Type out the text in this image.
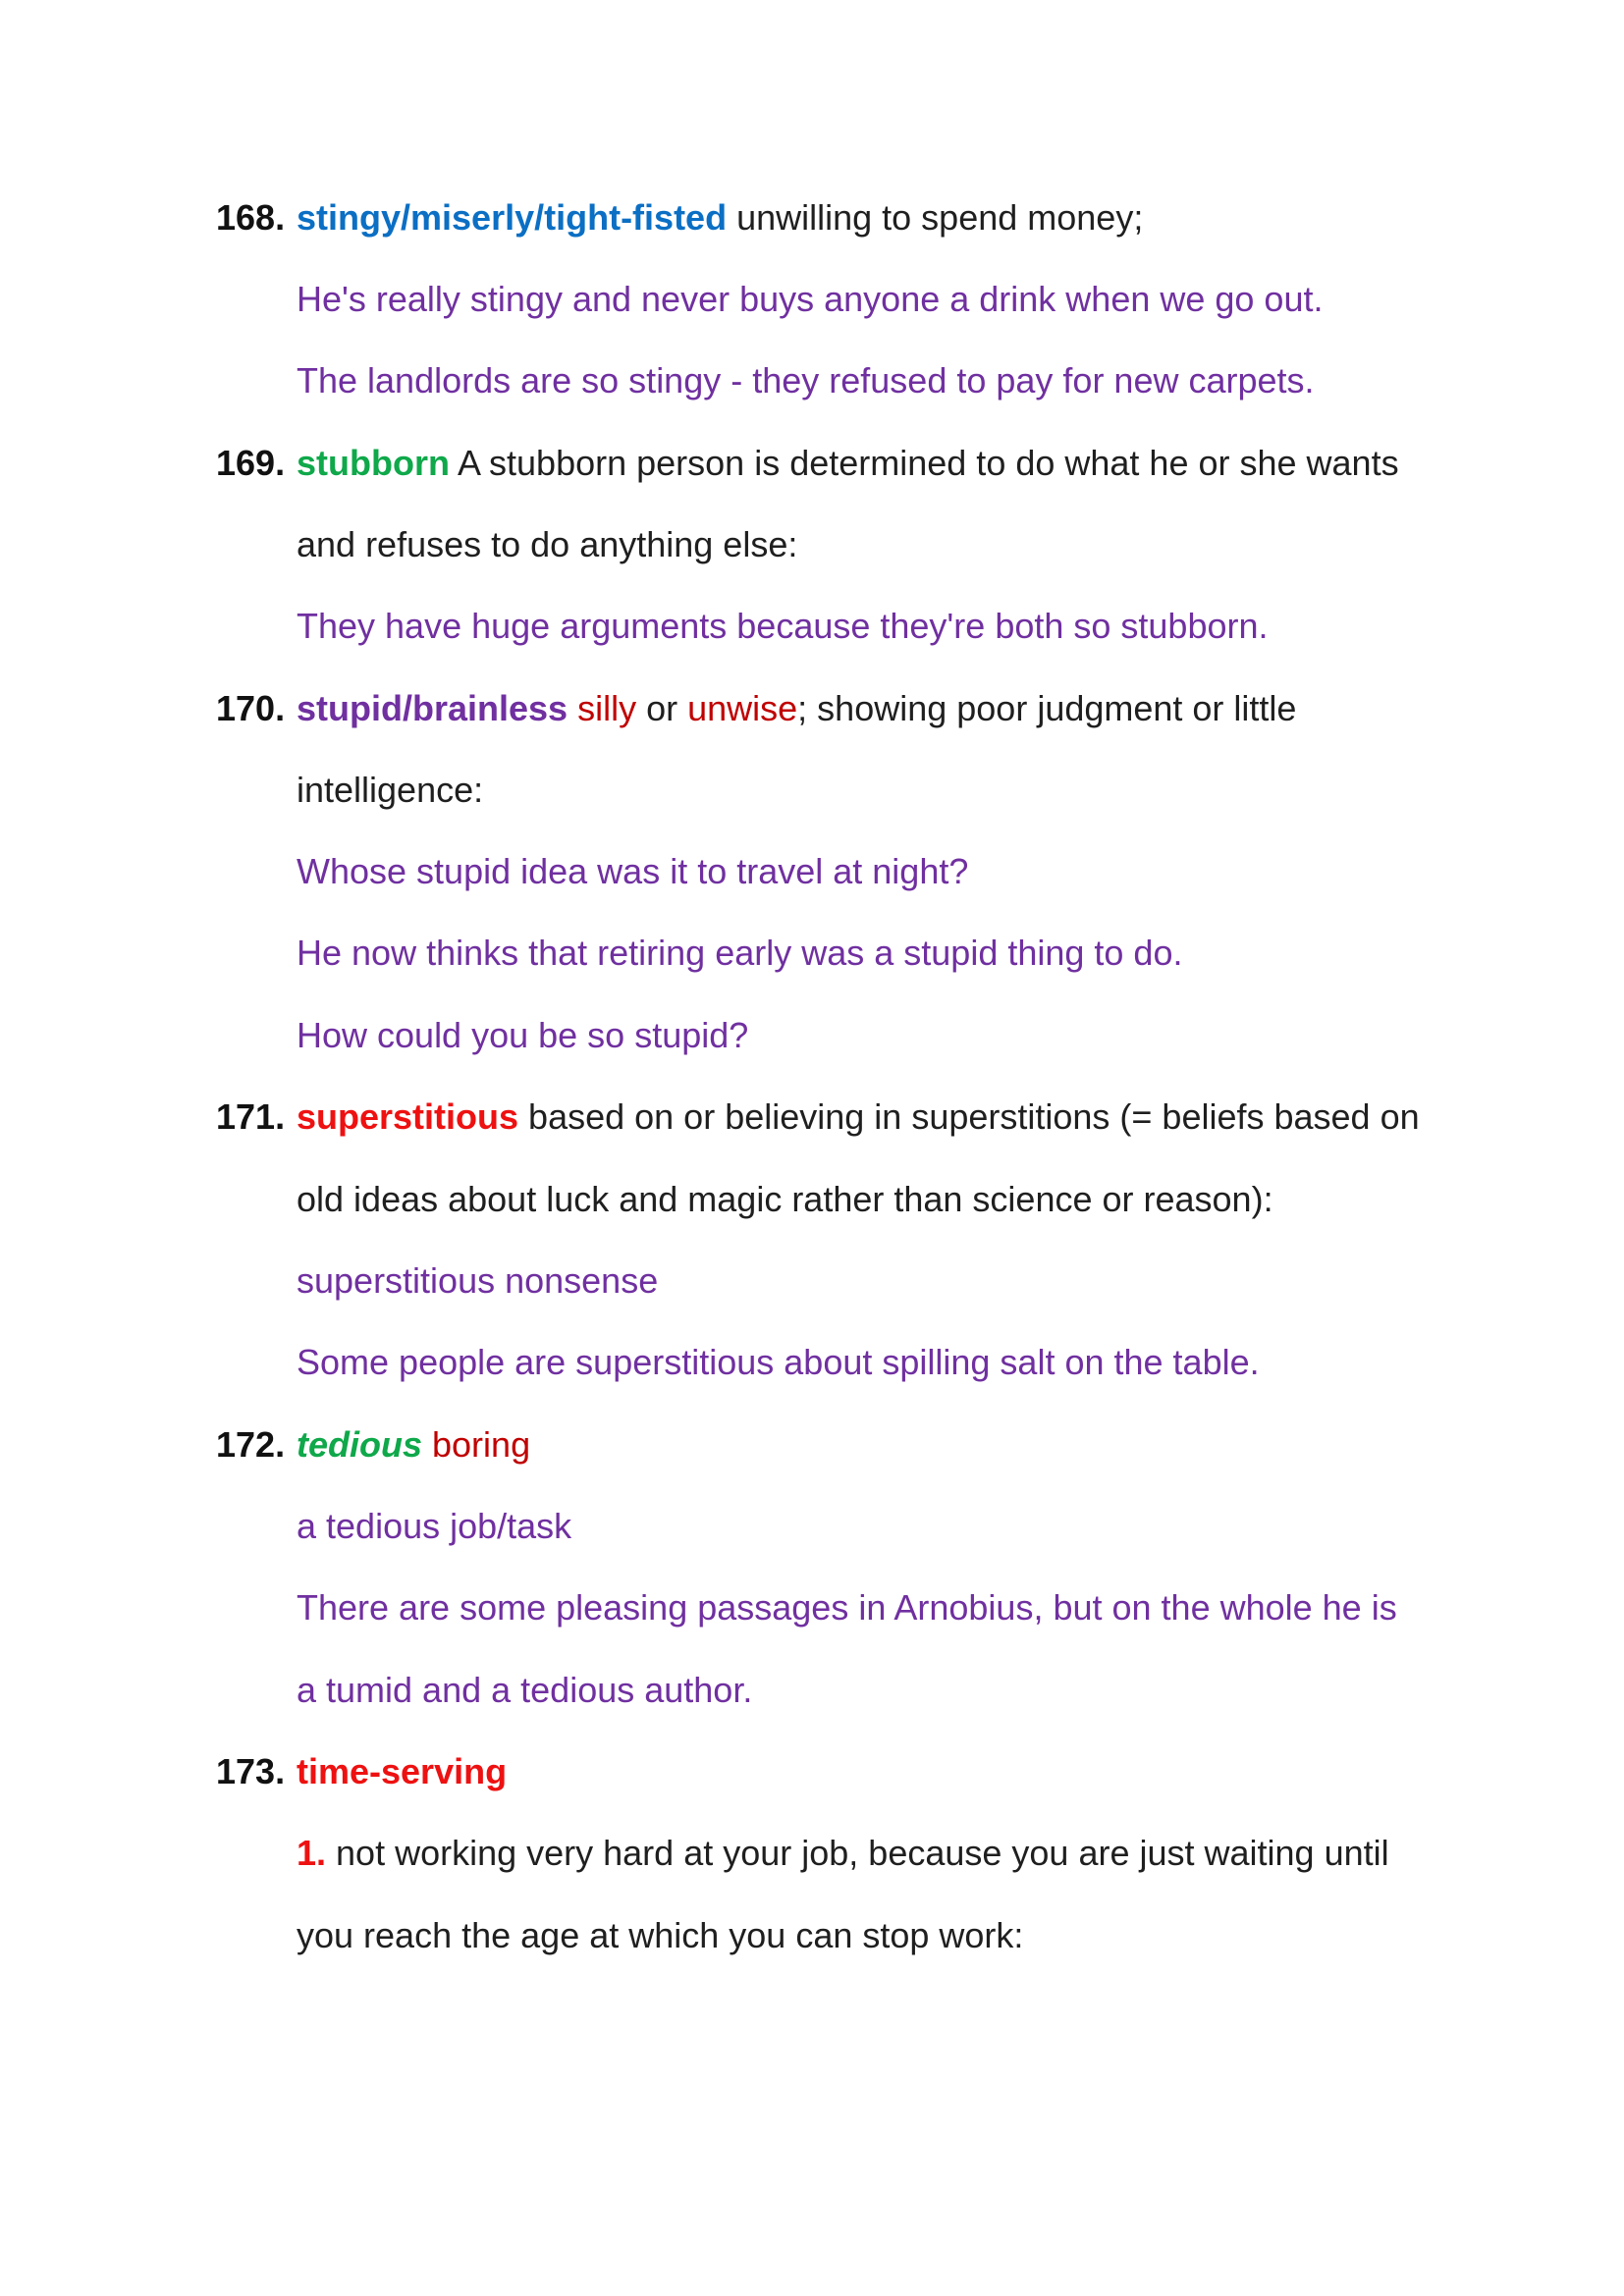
168. stingy/miserly/tight-fisted unwilling to spend money;
He's really stingy and never buys anyone a drink when we go out.
The landlords are so stingy - they refused to pay for new carpets.
169. stubborn A stubborn person is determined to do what he or she wants
and refuses to do anything else:
They have huge arguments because they're both so stubborn.
170. stupid/brainless silly or unwise; showing poor judgment or little
intelligence:
Whose stupid idea was it to travel at night?
He now thinks that retiring early was a stupid thing to do.
How could you be so stupid?
171. superstitious based on or believing in superstitions (= beliefs based on
old ideas about luck and magic rather than science or reason):
superstitious nonsense
Some people are superstitious about spilling salt on the table.
172. tedious boring
a tedious job/task
There are some pleasing passages in Arnobius, but on the whole he is
a tumid and a tedious author.
173. time-serving
1. not working very hard at your job, because you are just waiting until
you reach the age at which you can stop work:
